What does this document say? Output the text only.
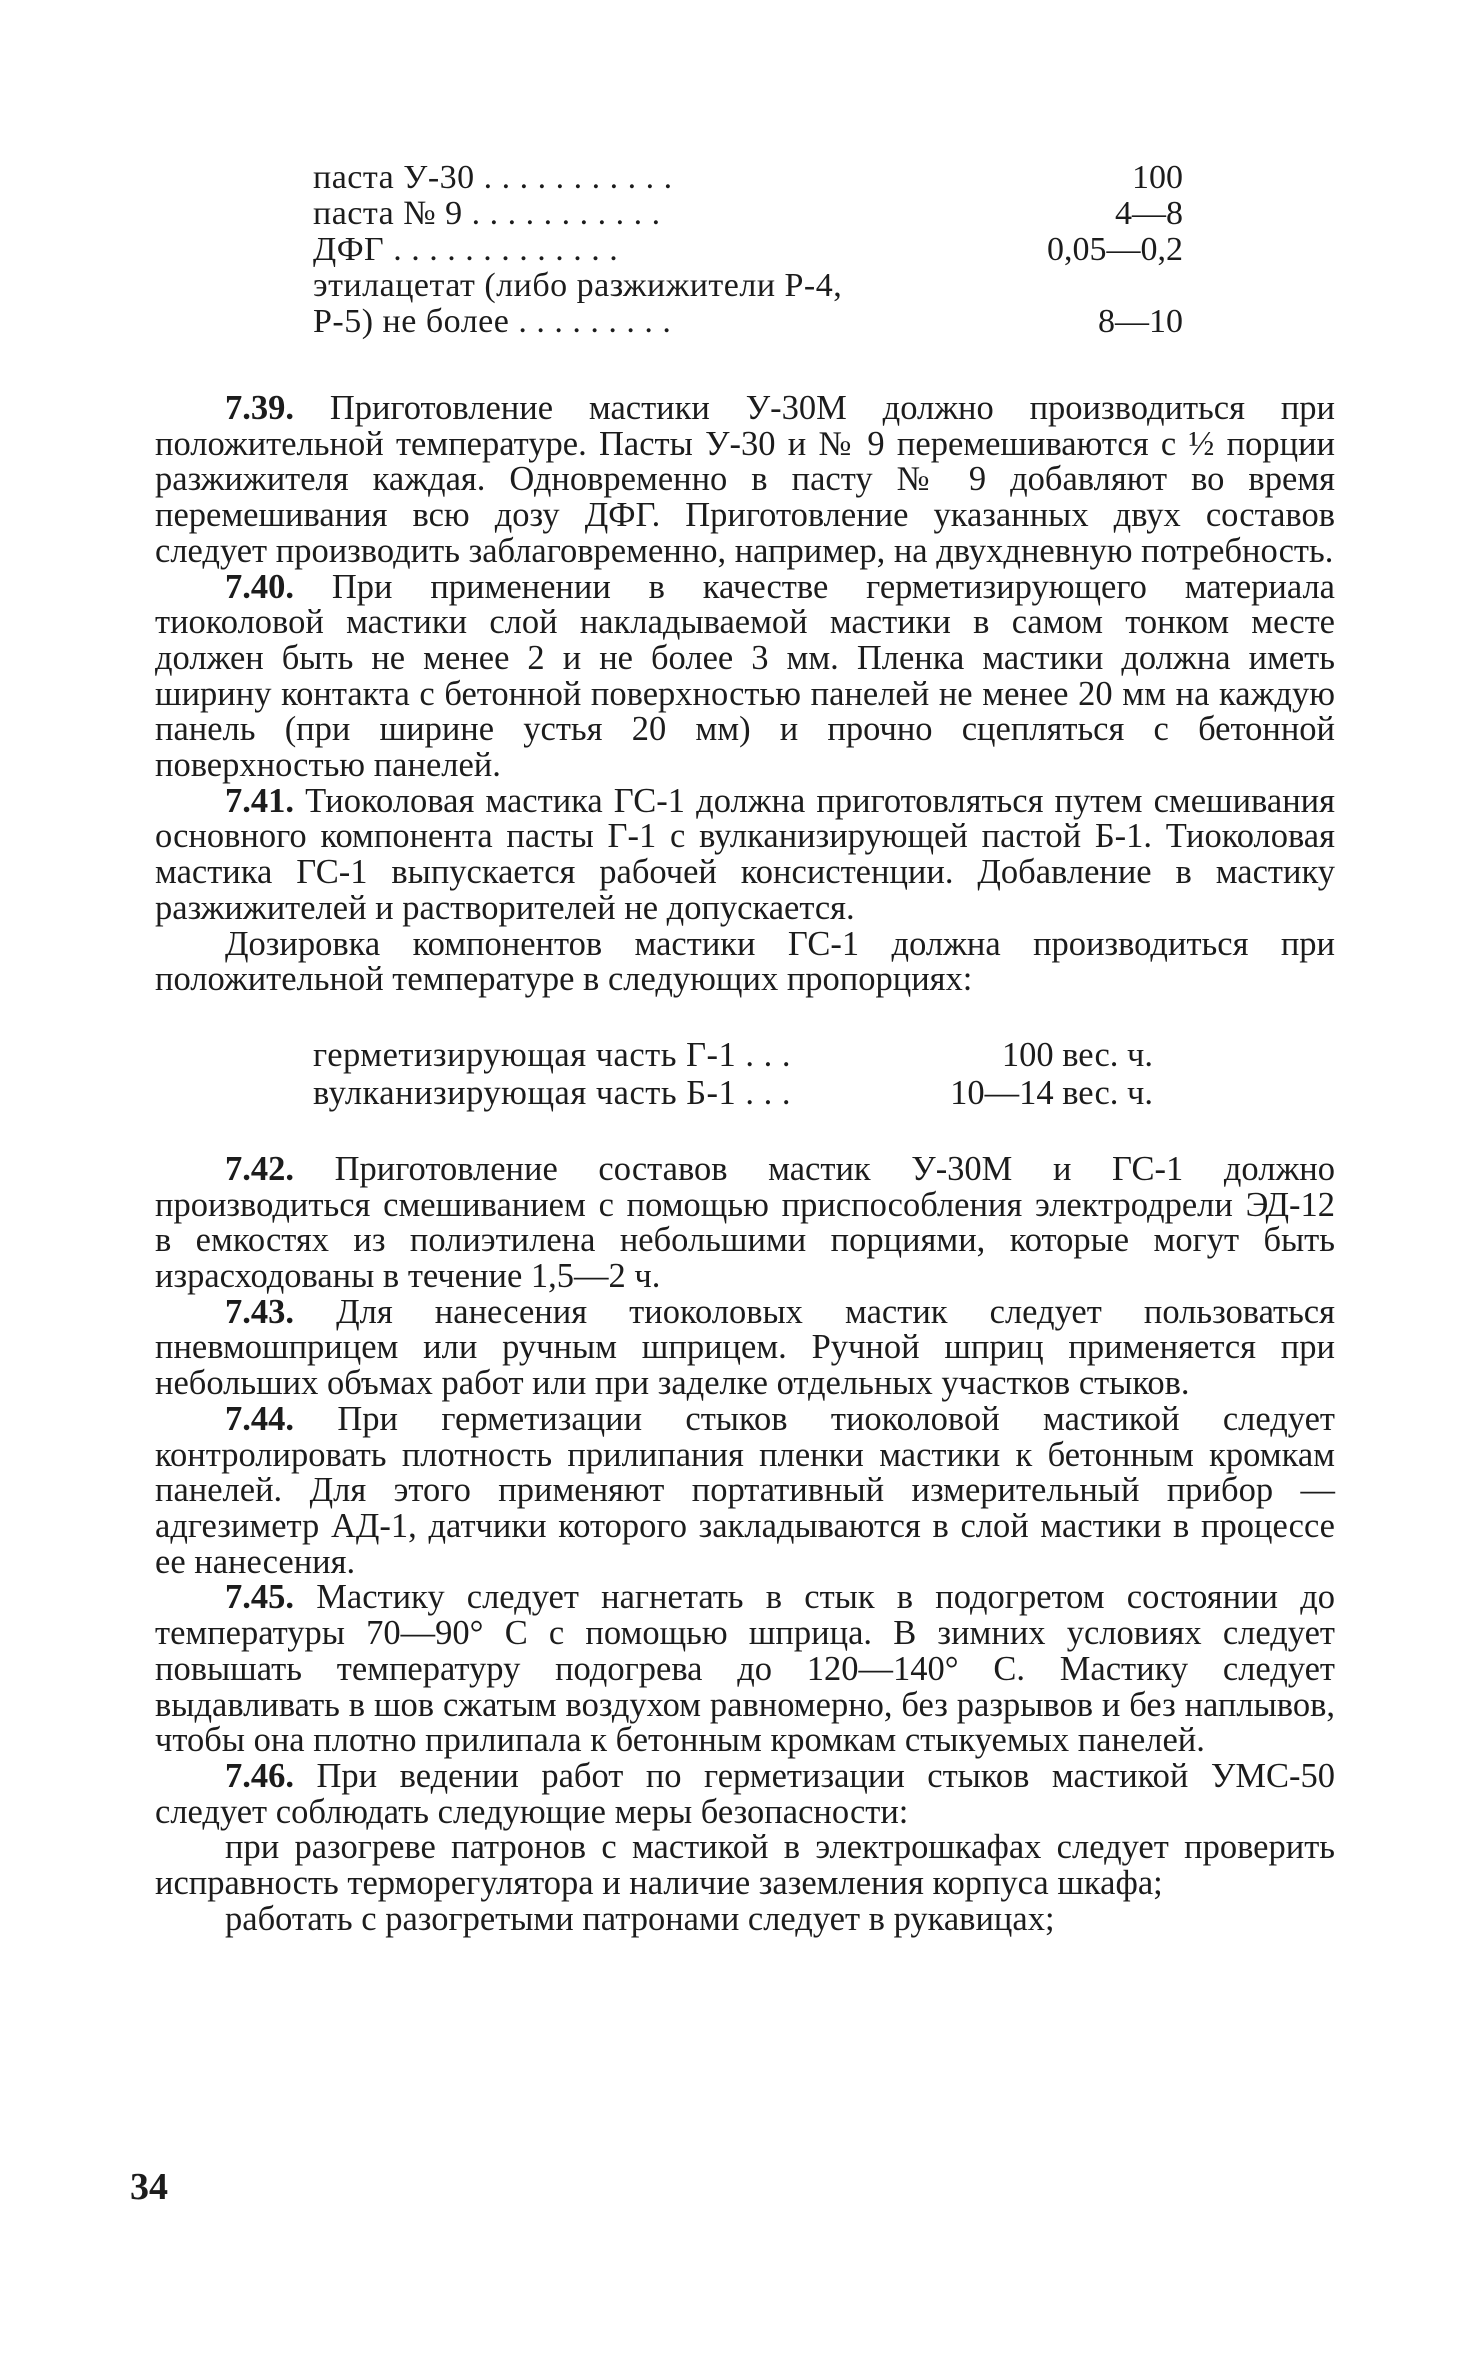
паста У-30 . . . . . . . . . . .	100
паста № 9 . . . . . . . . . . .	4—8
ДФГ . . . . . . . . . . . . .	0,05—0,2
этилацетат (либо разжижители Р-4,
Р-5) не более . . . . . . . . .	8—10

7.39. Приготовление мастики У-30М должно производиться при положительной температуре. Пасты У-30 и № 9 перемешиваются с ½ порции разжижителя каждая. Одновременно в пасту № 9 добавляют во время перемешивания всю дозу ДФГ. Приготовление указанных двух составов следует производить заблаговременно, например, на двухдневную потребность.

7.40. При применении в качестве герметизирующего материала тиоколовой мастики слой накладываемой мастики в самом тонком месте должен быть не менее 2 и не более 3 мм. Пленка мастики должна иметь ширину контакта с бетонной поверхностью панелей не менее 20 мм на каждую панель (при ширине устья 20 мм) и прочно сцепляться с бетонной поверхностью панелей.

7.41. Тиоколовая мастика ГС-1 должна приготовляться путем смешивания основного компонента пасты Г-1 с вулканизирующей пастой Б-1. Тиоколовая мастика ГС-1 выпускается рабочей консистенции. Добавление в мастику разжижителей и растворителей не допускается.

Дозировка компонентов мастики ГС-1 должна производиться при положительной температуре в следующих пропорциях:

герметизирующая часть Г-1 . . .	100 вес. ч.
вулканизирующая часть Б-1 . . .	10—14 вес. ч.

7.42. Приготовление составов мастик У-30М и ГС-1 должно производиться смешиванием с помощью приспособления электродрели ЭД-12 в емкостях из полиэтилена небольшими порциями, которые могут быть израсходованы в течение 1,5—2 ч.

7.43. Для нанесения тиоколовых мастик следует пользоваться пневмошприцем или ручным шприцем. Ручной шприц применяется при небольших объмах работ или при заделке отдельных участков стыков.

7.44. При герметизации стыков тиоколовой мастикой следует контролировать плотность прилипания пленки мастики к бетонным кромкам панелей. Для этого применяют портативный измерительный прибор — адгезиметр АД-1, датчики которого закладываются в слой мастики в процессе ее нанесения.

7.45. Мастику следует нагнетать в стык в подогретом состоянии до температуры 70—90° С с помощью шприца. В зимних условиях следует повышать температуру подогрева до 120—140° С. Мастику следует выдавливать в шов сжатым воздухом равномерно, без разрывов и без наплывов, чтобы она плотно прилипала к бетонным кромкам стыкуемых панелей.

7.46. При ведении работ по герметизации стыков мастикой УМС-50 следует соблюдать следующие меры безопасности:

при разогреве патронов с мастикой в электрошкафах следует проверить исправность терморегулятора и наличие заземления корпуса шкафа;

работать с разогретыми патронами следует в рукавицах;

34
